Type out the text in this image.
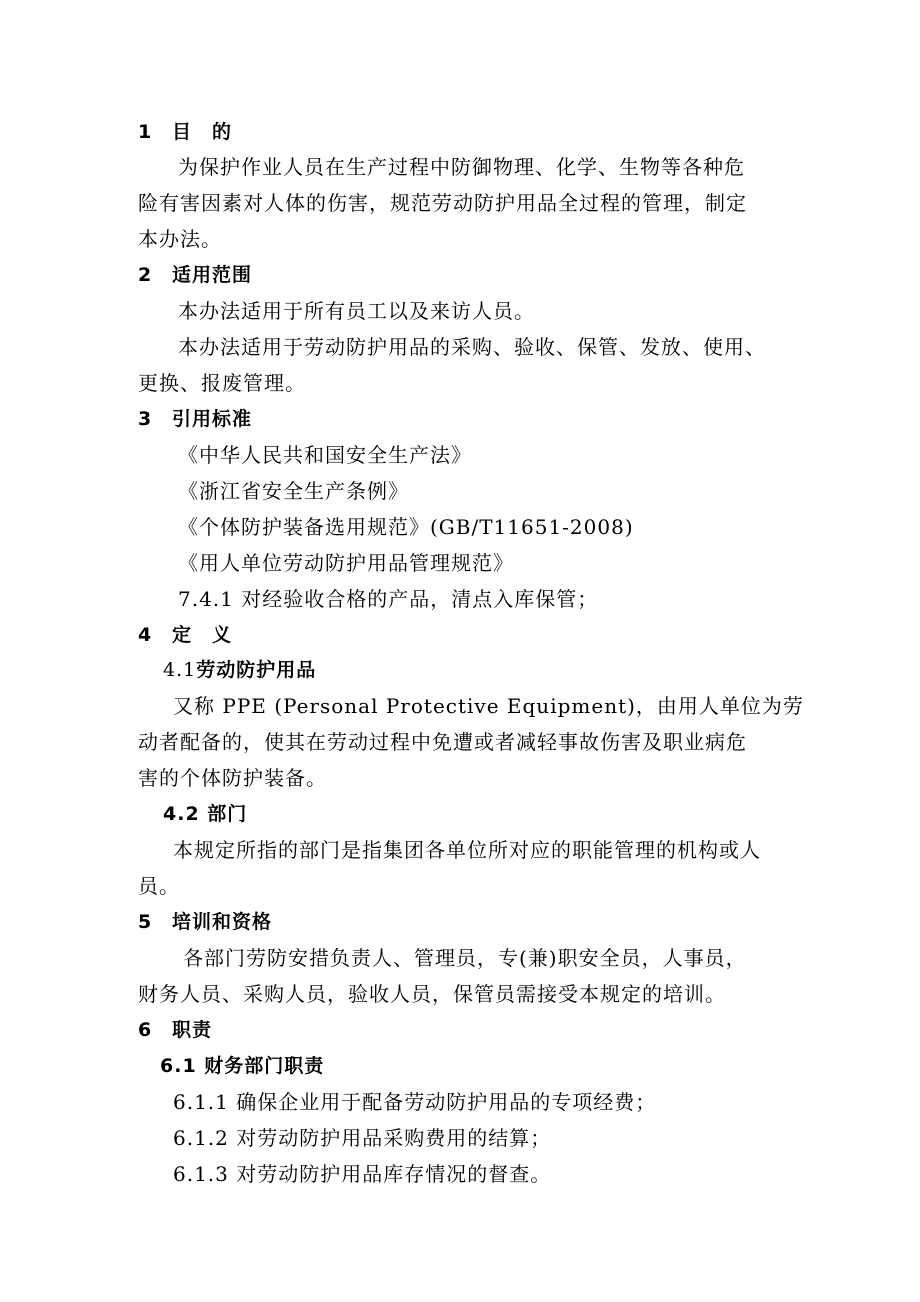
1 目　的
为保护作业人员在生产过程中防御物理、化学、生物等各种危
险有害因素对人体的伤害，规范劳动防护用品全过程的管理，制定
本办法。
2 适用范围
本办法适用于所有员工以及来访人员。
本办法适用于劳动防护用品的采购、验收、保管、发放、使用、
更换、报废管理。
3 引用标准
《中华人民共和国安全生产法》
《浙江省安全生产条例》
《个体防护装备选用规范》(GB/T11651-2008)
《用人单位劳动防护用品管理规范》
7.4.1 对经验收合格的产品，清点入库保管；
4 定　义
4.1劳动防护用品
又称 PPE (Personal Protective Equipment)，由用人单位为劳
动者配备的，使其在劳动过程中免遭或者减轻事故伤害及职业病危
害的个体防护装备。
4.2 部门
本规定所指的部门是指集团各单位所对应的职能管理的机构或人
员。
5 培训和资格
各部门劳防安措负责人、管理员，专(兼)职安全员，人事员，
财务人员、采购人员，验收人员，保管员需接受本规定的培训。
6 职责
6.1 财务部门职责
6.1.1 确保企业用于配备劳动防护用品的专项经费；
6.1.2 对劳动防护用品采购费用的结算；
6.1.3 对劳动防护用品库存情况的督查。
